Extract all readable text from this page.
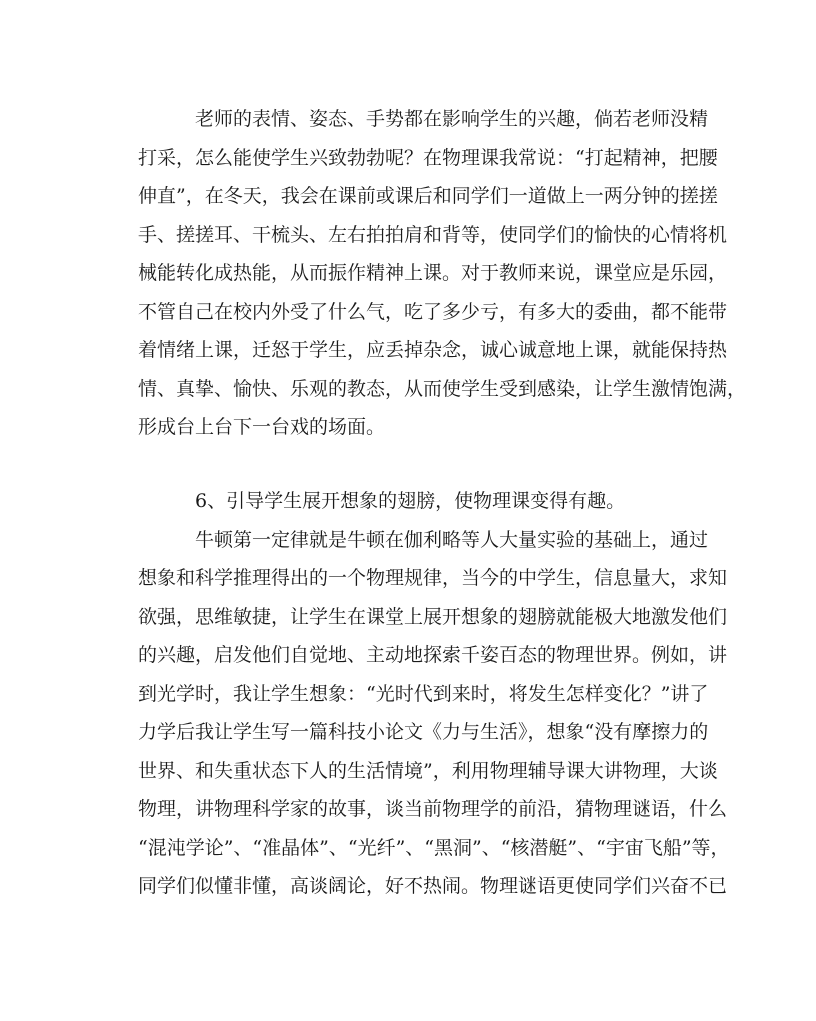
老师的表情、姿态、手势都在影响学生的兴趣，倘若老师没精
打采，怎么能使学生兴致勃勃呢？在物理课我常说：“打起精神，把腰
伸直”，在冬天，我会在课前或课后和同学们一道做上一两分钟的搓搓
手、搓搓耳、干梳头、左右拍拍肩和背等，使同学们的愉快的心情将机
械能转化成热能，从而振作精神上课。对于教师来说，课堂应是乐园，
不管自己在校内外受了什么气，吃了多少亏，有多大的委曲，都不能带
着情绪上课，迁怒于学生，应丢掉杂念，诚心诚意地上课，就能保持热
情、真挚、愉快、乐观的教态，从而使学生受到感染，让学生激情饱满，
形成台上台下一台戏的场面。
6、引导学生展开想象的翅膀，使物理课变得有趣。
牛顿第一定律就是牛顿在伽利略等人大量实验的基础上，通过
想象和科学推理得出的一个物理规律，当今的中学生，信息量大，求知
欲强，思维敏捷，让学生在课堂上展开想象的翅膀就能极大地激发他们
的兴趣，启发他们自觉地、主动地探索千姿百态的物理世界。例如，讲
到光学时，我让学生想象：“光时代到来时，将发生怎样变化？”讲了
力学后我让学生写一篇科技小论文《力与生活》，想象“没有摩擦力的
世界、和失重状态下人的生活情境”，利用物理辅导课大讲物理，大谈
物理，讲物理科学家的故事，谈当前物理学的前沿，猜物理谜语，什么
“混沌学论”、“准晶体”、“光纤”、“黑洞”、“核潜艇”、“宇宙飞船”等，
同学们似懂非懂，高谈阔论，好不热闹。物理谜语更使同学们兴奋不已
